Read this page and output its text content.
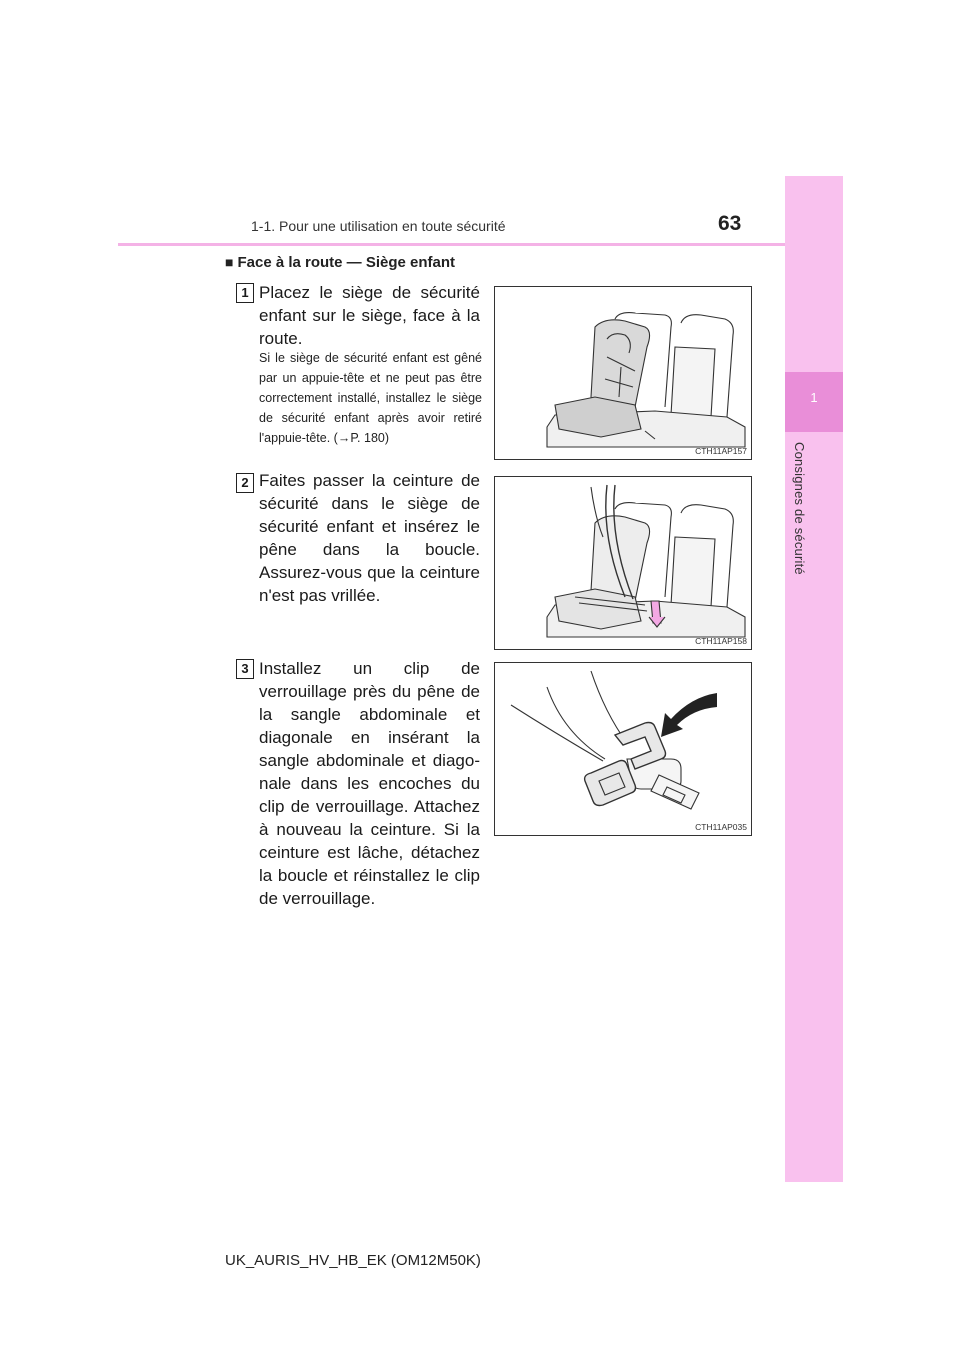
1
Consignes de sécurité
1-1. Pour une utilisation en toute sécurité	63
■ Face à la route — Siège enfant
1 Placez le siège de sécurité enfant sur le siège, face à la route.
Si le siège de sécurité enfant est gêné par un appuie-tête et ne peut pas être correctement installé, installez le siège de sécurité enfant après avoir retiré l'appuie-tête. (→P. 180)
CTH11AP157
2 Faites passer la ceinture de sécurité dans le siège de sécurité enfant et insérez le pêne dans la boucle. Assurez-vous que la ceinture n'est pas vrillée.
CTH11AP158
3 Installez un clip de verrouillage près du pêne de la sangle abdominale et diagonale en insérant la sangle abdominale et diagonale dans les encoches du clip de verrouillage. Attachez à nouveau la ceinture. Si la ceinture est lâche, détachez la boucle et réinstallez le clip de verrouillage.
CTH11AP035
UK_AURIS_HV_HB_EK (OM12M50K)
